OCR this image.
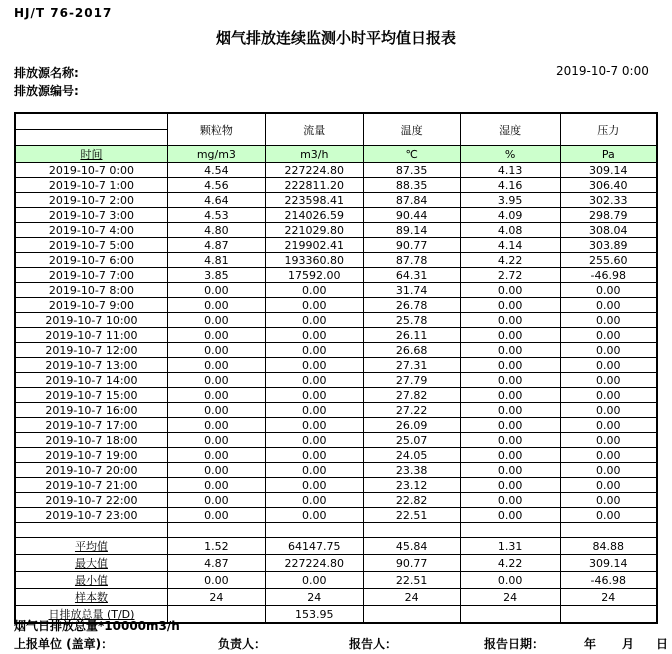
HJ/T 76-2017
烟气排放连续监测小时平均值日报表
排放源名称:
排放源编号:
2019-10-7 0:00
	颗粒物	流量	温度	湿度	压力

时间	mg/m3	m3/h	℃	%	Pa
2019-10-7 0:00	4.54	227224.80	87.35	4.13	309.14
2019-10-7 1:00	4.56	222811.20	88.35	4.16	306.40
2019-10-7 2:00	4.64	223598.41	87.84	3.95	302.33
2019-10-7 3:00	4.53	214026.59	90.44	4.09	298.79
2019-10-7 4:00	4.80	221029.80	89.14	4.08	308.04
2019-10-7 5:00	4.87	219902.41	90.77	4.14	303.89
2019-10-7 6:00	4.81	193360.80	87.78	4.22	255.60
2019-10-7 7:00	3.85	17592.00	64.31	2.72	-46.98
2019-10-7 8:00	0.00	0.00	31.74	0.00	0.00
2019-10-7 9:00	0.00	0.00	26.78	0.00	0.00
2019-10-7 10:00	0.00	0.00	25.78	0.00	0.00
2019-10-7 11:00	0.00	0.00	26.11	0.00	0.00
2019-10-7 12:00	0.00	0.00	26.68	0.00	0.00
2019-10-7 13:00	0.00	0.00	27.31	0.00	0.00
2019-10-7 14:00	0.00	0.00	27.79	0.00	0.00
2019-10-7 15:00	0.00	0.00	27.82	0.00	0.00
2019-10-7 16:00	0.00	0.00	27.22	0.00	0.00
2019-10-7 17:00	0.00	0.00	26.09	0.00	0.00
2019-10-7 18:00	0.00	0.00	25.07	0.00	0.00
2019-10-7 19:00	0.00	0.00	24.05	0.00	0.00
2019-10-7 20:00	0.00	0.00	23.38	0.00	0.00
2019-10-7 21:00	0.00	0.00	23.12	0.00	0.00
2019-10-7 22:00	0.00	0.00	22.82	0.00	0.00
2019-10-7 23:00	0.00	0.00	22.51	0.00	0.00

平均值	1.52	64147.75	45.84	1.31	84.88
最大值	4.87	227224.80	90.77	4.22	309.14
最小值	0.00	0.00	22.51	0.00	-46.98
样本数	24	24	24	24	24
日排放总量 (T/D)		153.95			
烟气日排放总量*10000m3/h
上报单位 (盖章)：	负责人：	报告人：	报告日期：	年 月 日
